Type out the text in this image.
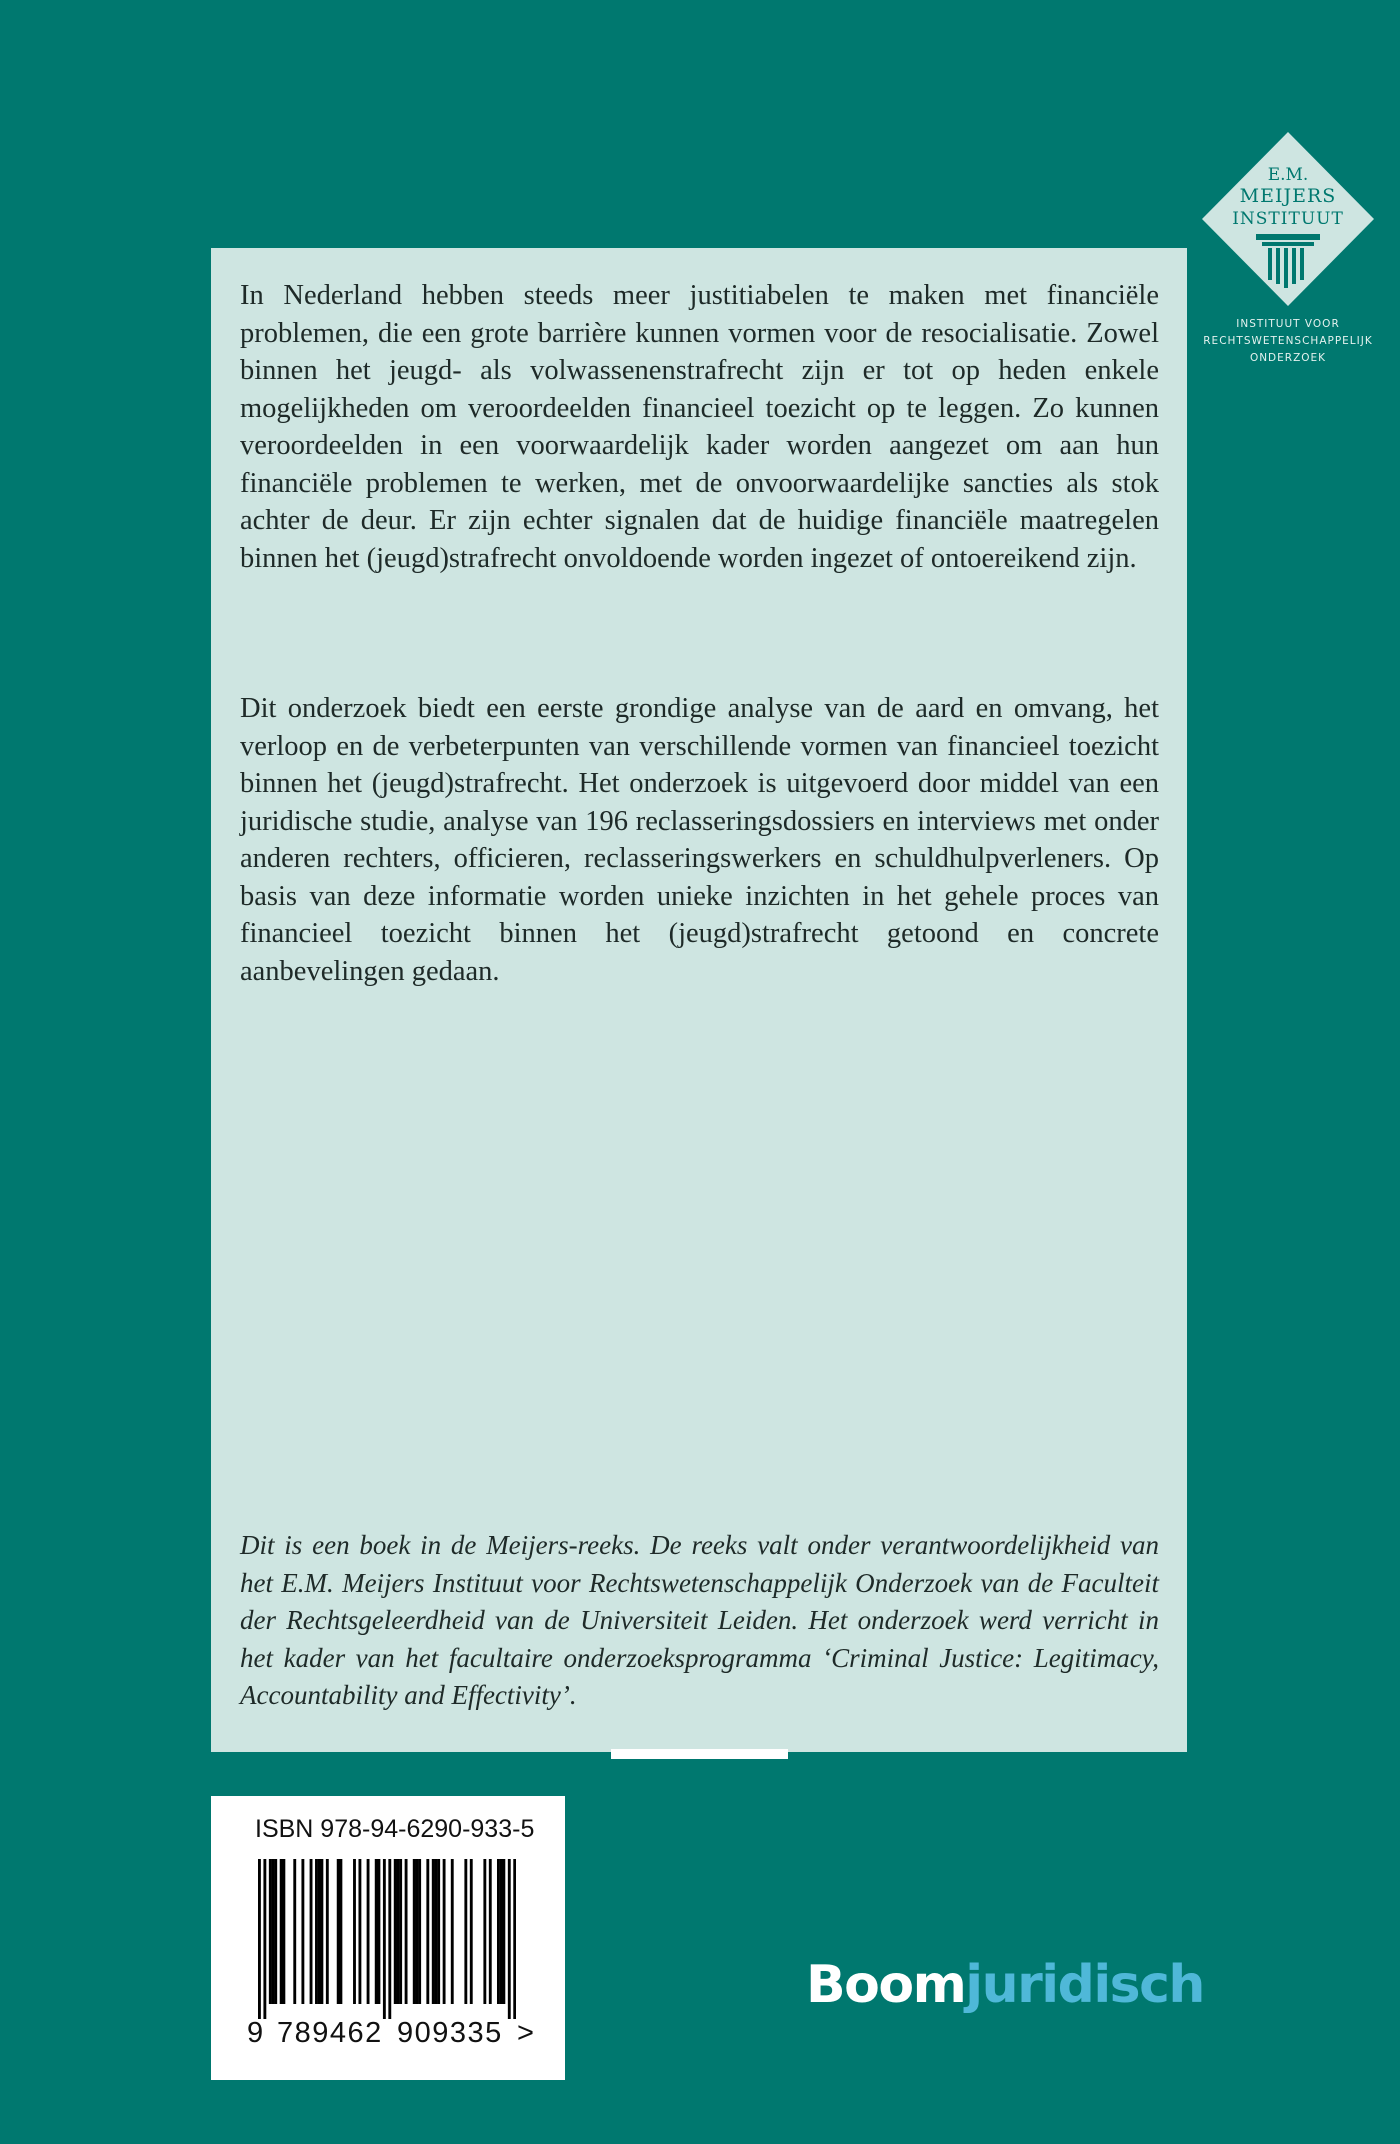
E.M.
MEIJERS
INSTITUUT
INSTITUUT VOOR
RECHTSWETENSCHAPPELIJK
ONDERZOEK

In Nederland hebben steeds meer justitiabelen te maken met financiële problemen, die een grote barrière kunnen vormen voor de resocialisatie. Zowel binnen het jeugd- als volwassenenstrafrecht zijn er tot op heden enkele mogelijkheden om veroordeelden financieel toezicht op te leggen. Zo kunnen veroordeelden in een voorwaardelijk kader worden aangezet om aan hun financiële problemen te werken, met de onvoorwaardelijke sancties als stok achter de deur. Er zijn echter signalen dat de huidige financiële maatregelen binnen het (jeugd)strafrecht onvoldoende worden ingezet of ontoereikend zijn.

Dit onderzoek biedt een eerste grondige analyse van de aard en omvang, het verloop en de verbeterpunten van verschillende vormen van financieel toezicht binnen het (jeugd)strafrecht. Het onderzoek is uitgevoerd door middel van een juridische studie, analyse van 196 reclasseringsdossiers en interviews met onder anderen rechters, officieren, reclasseringswerkers en schuldhulpverleners. Op basis van deze informatie worden unieke inzichten in het gehele proces van financieel toezicht binnen het (jeugd)strafrecht getoond en concrete aanbevelingen gedaan.

Dit is een boek in de Meijers-reeks. De reeks valt onder verantwoordelijkheid van het E.M. Meijers Instituut voor Rechtswetenschappelijk Onderzoek van de Faculteit der Rechtsgeleerdheid van de Universiteit Leiden. Het onderzoek werd verricht in het kader van het facultaire onderzoeksprogramma ‘Criminal Justice: Legitimacy, Accountability and Effectivity’.

ISBN 978-94-6290-933-5
9 789462 909335 >
Boomjuridisch
